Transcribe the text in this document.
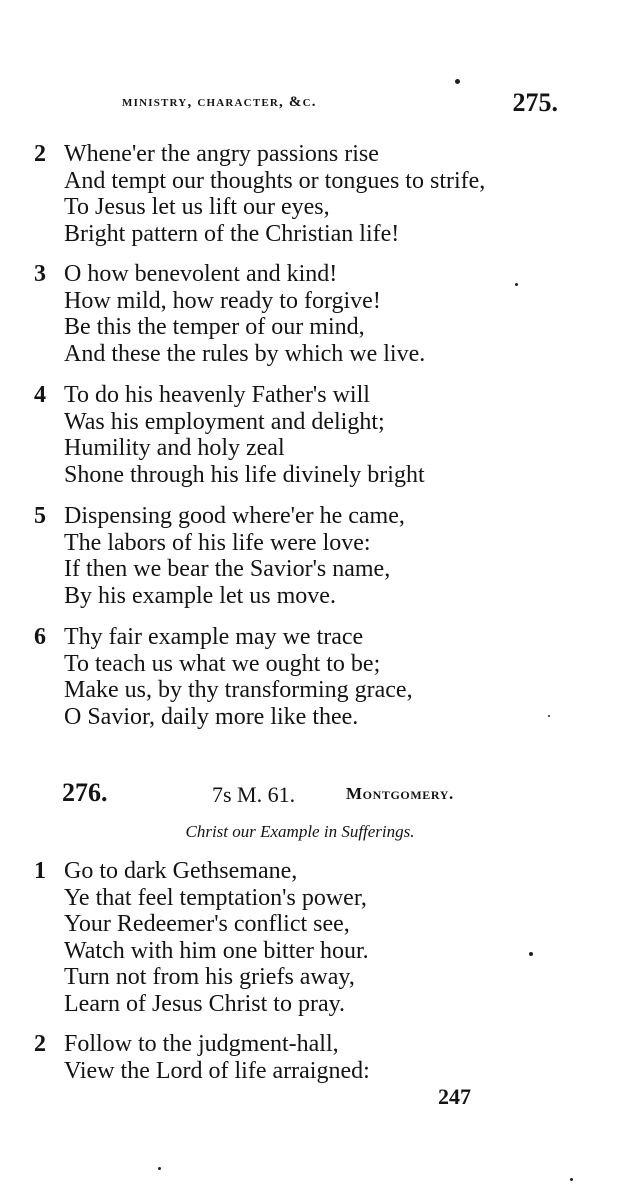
ministry, character, &c.	275.
2 Whene'er the angry passions rise
And tempt our thoughts or tongues to strife,
To Jesus let us lift our eyes,
Bright pattern of the Christian life!
3 O how benevolent and kind!
How mild, how ready to forgive!
Be this the temper of our mind,
And these the rules by which we live.
4 To do his heavenly Father's will
Was his employment and delight;
Humility and holy zeal
Shone through his life divinely bright
5 Dispensing good where'er he came,
The labors of his life were love:
If then we bear the Savior's name,
By his example let us move.
6 Thy fair example may we trace
To teach us what we ought to be;
Make us, by thy transforming grace,
O Savior, daily more like thee.
276.	7s M. 61.	Montgomery.
Christ our Example in Sufferings.
1 Go to dark Gethsemane,
Ye that feel temptation's power,
Your Redeemer's conflict see,
Watch with him one bitter hour.
Turn not from his griefs away,
Learn of Jesus Christ to pray.
2 Follow to the judgment-hall,
View the Lord of life arraigned:
247
